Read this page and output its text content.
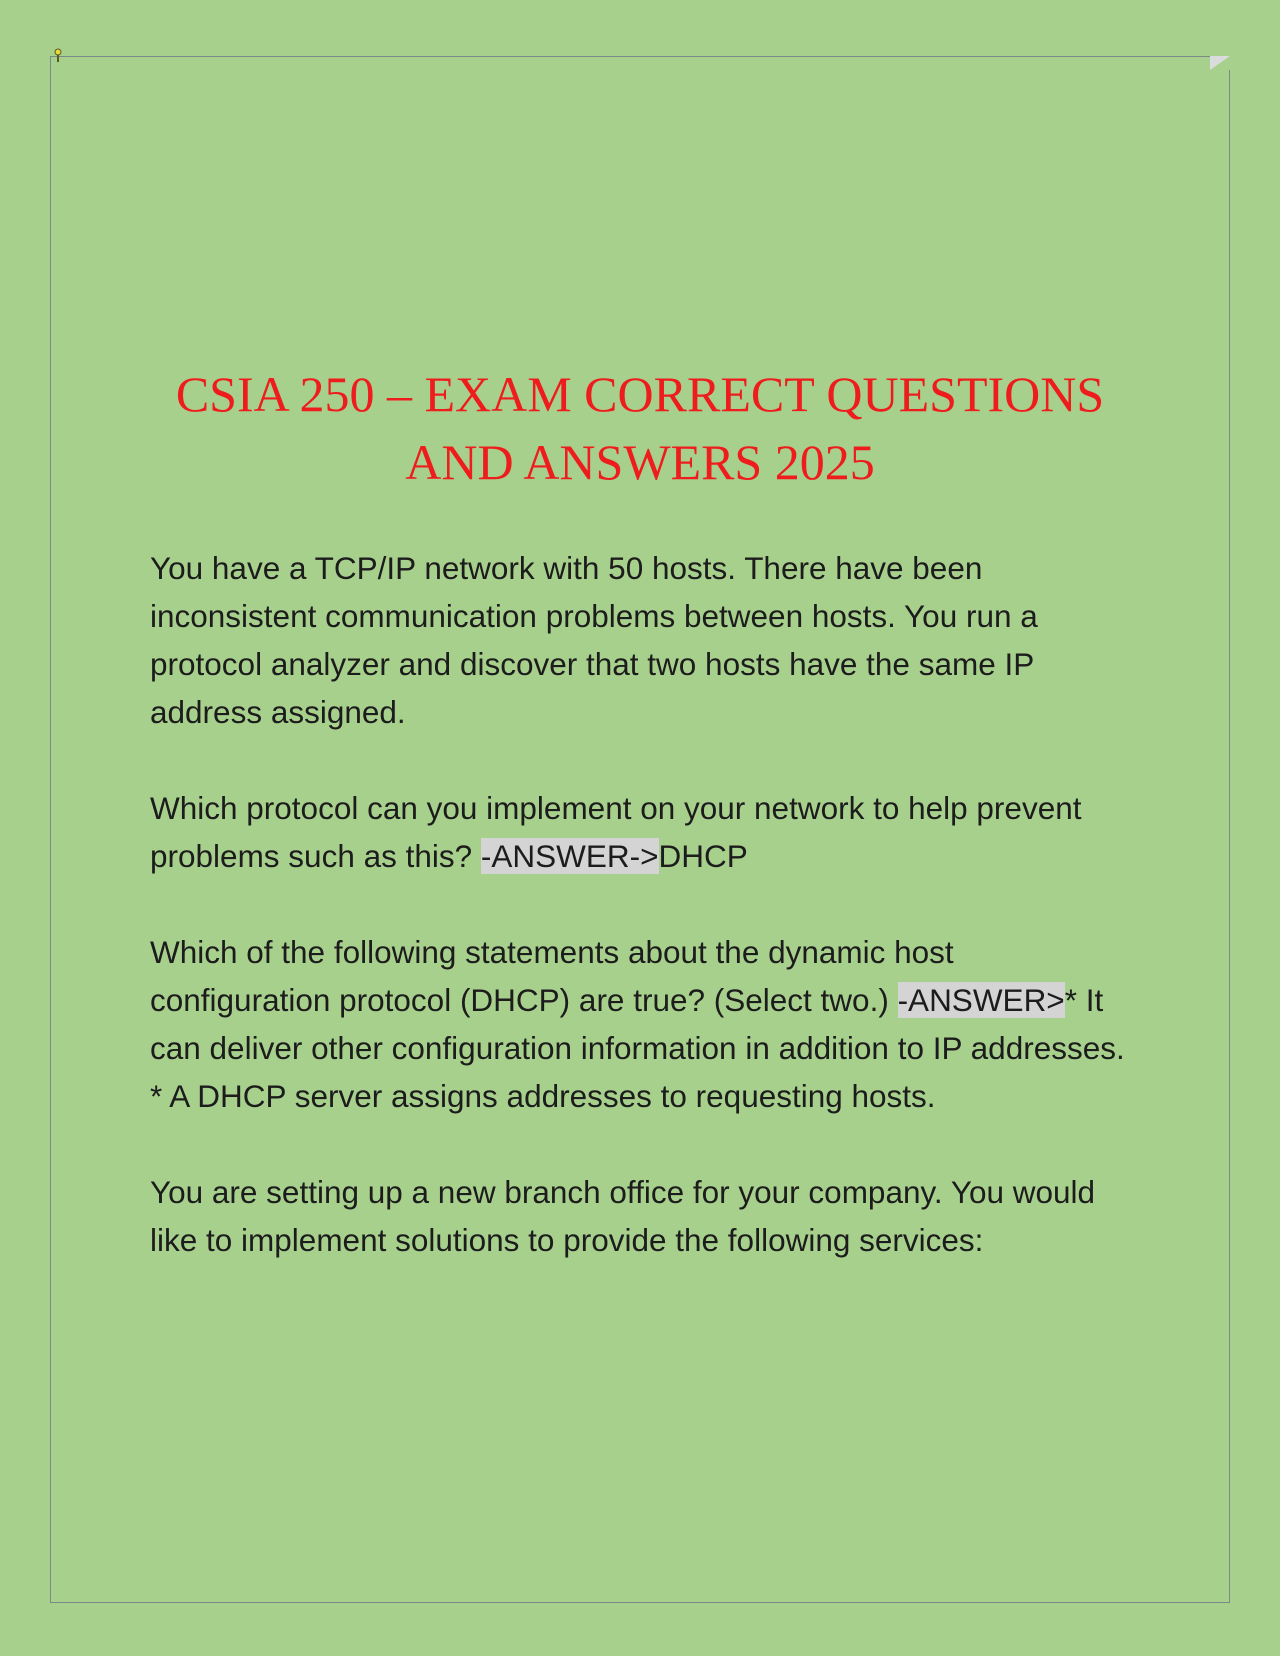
CSIA 250 – EXAM CORRECT QUESTIONS
AND ANSWERS 2025

You have a TCP/IP network with 50 hosts. There have been inconsistent communication problems between hosts. You run a protocol analyzer and discover that two hosts have the same IP address assigned.

Which protocol can you implement on your network to help prevent problems such as this? -ANSWER->DHCP

Which of the following statements about the dynamic host configuration protocol (DHCP) are true? (Select two.) -ANSWER>* It can deliver other configuration information in addition to IP addresses.
* A DHCP server assigns addresses to requesting hosts.

You are setting up a new branch office for your company. You would like to implement solutions to provide the following services:
